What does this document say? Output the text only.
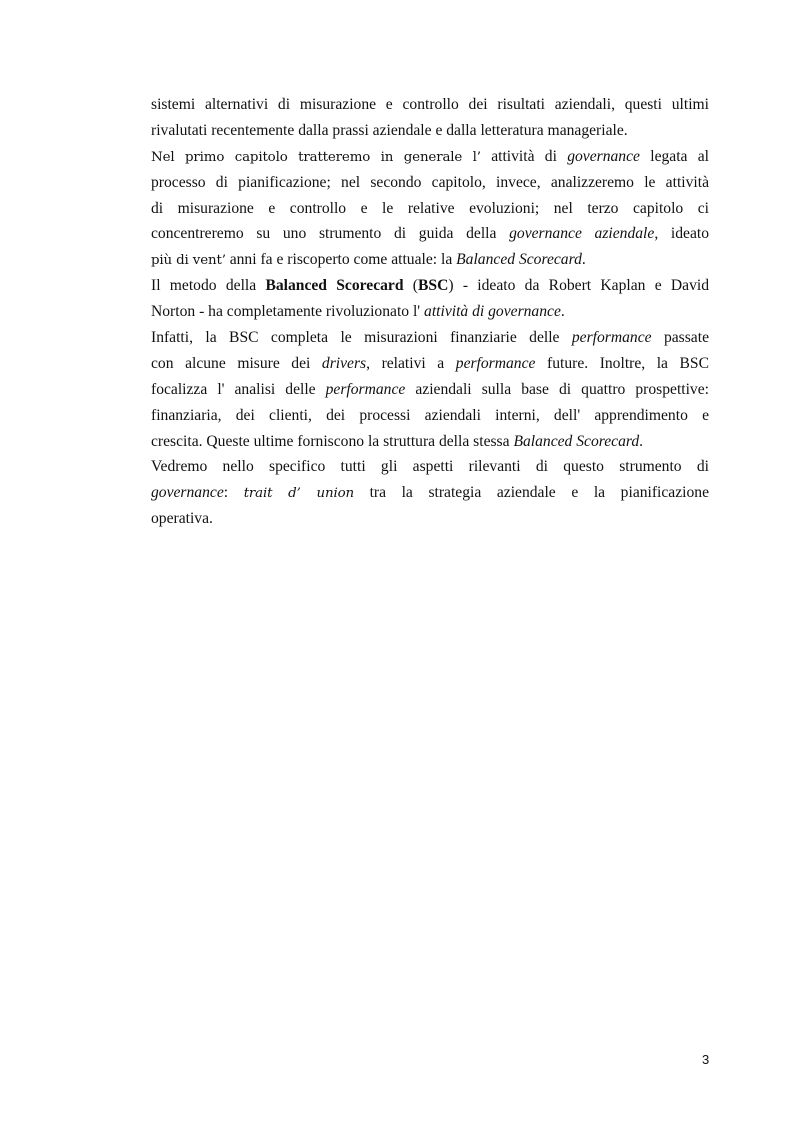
sistemi alternativi di misurazione e controllo dei risultati aziendali, questi ultimi
rivalutati recentemente dalla prassi aziendale e dalla letteratura manageriale.
Nel primo capitolo tratteremo in generale l’ attività di governance legata al
processo di pianificazione; nel secondo capitolo, invece, analizzeremo le attività
di misurazione e controllo e le relative evoluzioni; nel terzo capitolo ci
concentreremo su uno strumento di guida della governance aziendale, ideato
più di vent’ anni fa e riscoperto come attuale: la Balanced Scorecard.
Il metodo della Balanced Scorecard (BSC) - ideato da Robert Kaplan e David
Norton - ha completamente rivoluzionato l' attività di governance.
Infatti, la BSC completa le misurazioni finanziarie delle performance passate
con alcune misure dei drivers, relativi a performance future. Inoltre, la BSC
focalizza l' analisi delle performance aziendali sulla base di quattro prospettive:
finanziaria, dei clienti, dei processi aziendali interni, dell' apprendimento e
crescita. Queste ultime forniscono la struttura della stessa Balanced Scorecard.
Vedremo nello specifico tutti gli aspetti rilevanti di questo strumento di
governance: trait d’ union tra la strategia aziendale e la pianificazione
operativa.
3
